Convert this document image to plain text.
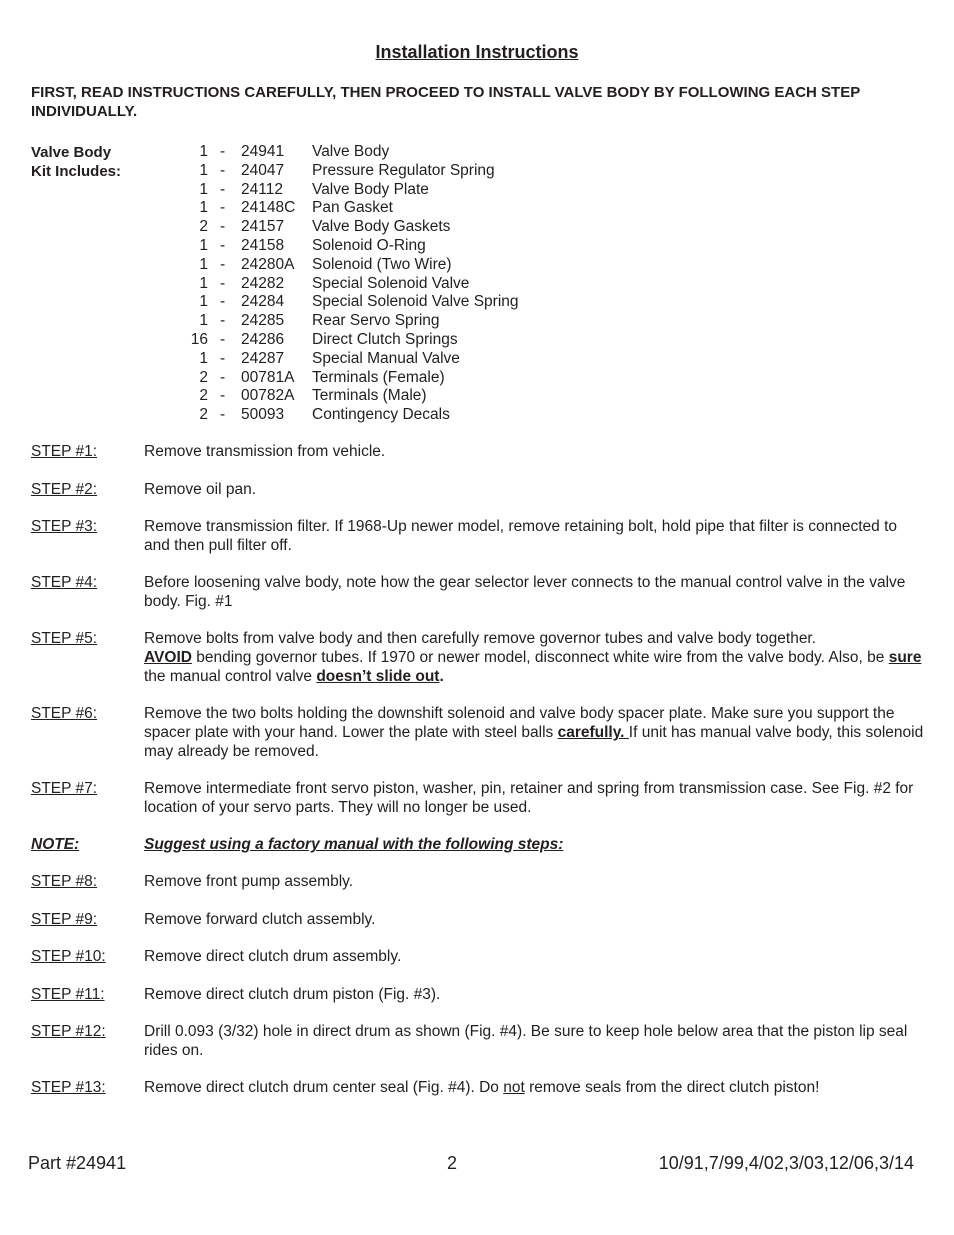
Installation Instructions
FIRST, READ INSTRUCTIONS CAREFULLY, THEN PROCEED TO INSTALL VALVE BODY BY FOLLOWING EACH STEP INDIVIDUALLY.
Valve Body
Kit Includes:
1 - 24941 Valve Body
1 - 24047 Pressure Regulator Spring
1 - 24112 Valve Body Plate
1 - 24148C Pan Gasket
2 - 24157 Valve Body Gaskets
1 - 24158 Solenoid O-Ring
1 - 24280A Solenoid (Two Wire)
1 - 24282 Special Solenoid Valve
1 - 24284 Special Solenoid Valve Spring
1 - 24285 Rear Servo Spring
16 - 24286 Direct Clutch Springs
1 - 24287 Special Manual Valve
2 - 00781A Terminals (Female)
2 - 00782A Terminals (Male)
2 - 50093 Contingency Decals
STEP #1:	Remove transmission from vehicle.
STEP #2:	Remove oil pan.
STEP #3:	Remove transmission filter. If 1968-Up newer model, remove retaining bolt, hold pipe that filter is connected to and then pull filter off.
STEP #4:	Before loosening valve body, note how the gear selector lever connects to the manual control valve in the valve body. Fig. #1
STEP #5:	Remove bolts from valve body and then carefully remove governor tubes and valve body together.
AVOID bending governor tubes. If 1970 or newer model, disconnect white wire from the valve body. Also, be sure the manual control valve doesn’t slide out.
STEP #6:	Remove the two bolts holding the downshift solenoid and valve body spacer plate. Make sure you support the spacer plate with your hand. Lower the plate with steel balls carefully. If unit has manual valve body, this solenoid may already be removed.
STEP #7:	Remove intermediate front servo piston, washer, pin, retainer and spring from transmission case. See Fig. #2 for location of your servo parts. They will no longer be used.
NOTE:	Suggest using a factory manual with the following steps:
STEP #8:	Remove front pump assembly.
STEP #9:	Remove forward clutch assembly.
STEP #10: Remove direct clutch drum assembly.
STEP #11:	Remove direct clutch drum piston (Fig. #3).
STEP #12: Drill 0.093 (3/32) hole in direct drum as shown (Fig. #4). Be sure to keep hole below area that the piston lip seal rides on.
STEP #13: Remove direct clutch drum center seal (Fig. #4). Do not remove seals from the direct clutch piston!
Part #24941	2	10/91,7/99,4/02,3/03,12/06,3/14
